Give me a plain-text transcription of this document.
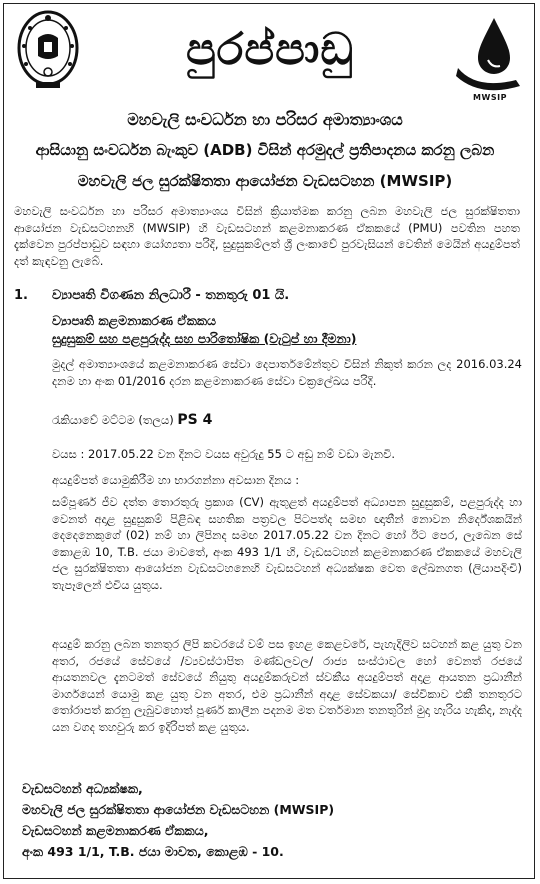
පුරප්පාඩු
MWSIP
මහවැලි සංවර්ධන හා පරිසර අමාත්‍යාංශය
ආසියානු සංවර්ධන බැංකුව (ADB) විසින් අරමුදල් ප්‍රතිපාදනය කරනු ලබන
මහවැලි ජල සුරක්ෂිතතා ආයෝජන වැඩසටහන (MWSIP)
මහවැලි සංවර්ධන හා පරිසර අමාත්‍යාංශය විසින් ක්‍රියාත්මක කරනු ලබන මහවැලි ජල සුරක්ෂිතතා ආයෝජන වැඩසටහනහි (MWSIP) හි වැඩසටහන් කළමනාකරණ ඒකකයේ (PMU) පවතින පහත දැක්වෙන පුරප්පාඩුව සඳහා යෝග්‍යතා පරිදි, සුදුසුකම්ලත් ශ්‍රී ලංකාවේ පුරවැසියන් වෙතින් මෙයින් අයදුම්පත් දත් කැඳවනු ලැබේ.
1. ව්‍යාපෘති විගණන නිලධාරී - තනතුරු 01 යි.
ව්‍යාපෘති කළමනාකරණ ඒකකය
සුදුසුකම් සහ පළපුරුද්ද සහ පාරිතෝෂික (වැටුප් හා දීමනා)
මුදල් අමාත්‍යාංශයේ කළමනාකරණ සේවා දෙපාර්තමේන්තුව විසින් නිකුත් කරන ලද 2016.03.24 දනම හා අංක 01/2016 දරන කළමනාකරණ සේවා චක්‍රලේඛය පරිදි.
රැකියාවේ මට්ටම (තලය) PS 4
වයස : 2017.05.22 වන දිනට වයස අවුරුදු 55 ට අඩු නම් වඩා මැනවි.
අයදුම්පත් යොමුකිරීම හා භාරගන්නා අවසාන දිනය :
සම්පූර්ණ ජීව දත්ත තොරතුරු ප්‍රකාශ (CV) ඇතුළත් අයදුම්පත් අධ්‍යාපන සුදුසුකම්, පළපුරුද්ද හා වෙනත් අදාළ සුදුසුකම් පිළිබඳ සහතික පත්‍රවල පිටපත්ද සමඟ ඥාතීන් නොවන නිර්දේශකයින් දෙදෙනෙකුගේ (02) නම් හා ලිපිනද සමඟ 2017.05.22 වන දිනට හෝ ඊට පෙර, ලැබෙන සේ කොළඹ 10, T.B. ජයා මාවතේ, අංක 493 1/1 හි, වැඩසටහන් කළමනාකරණ ඒකකයේ මහවැලි ජල සුරක්ෂිතතා ආයෝජන වැඩසටහනෙහි වැඩසටහන් අධ්‍යක්ෂක වෙත ලේඛනගත (ලියාපදිංචි) තැපෑලෙන් එවිය යුතුය.
අයදුම් කරනු ලබන තනතුර ලිපි කවරයේ වම් පස ඉහළ කෙළවරේ, පැහැදිලිව සටහන් කළ යුතු වන අතර, රජයේ සේවයේ /ව්‍යවස්ථාපිත මණ්ඩලවල/ රාජ්‍ය සංස්ථාවල හෝ වෙනත් රජයේ ආයතනවල දැනටමත් සේවයේ නියුතු අයදුම්කරුවන් ස්වකීය අයදුම්පත් අදාළ ආයතන ප්‍රධානීන් මාර්ගයෙන් යොමු කළ යුතු වන අතර, එම ප්‍රධානීන් අදාළ සේවකයා/ සේවිකාව එකී තනතුරට තෝරාපත් කරනු ලැබුවහොත් පූර්ණ කාලීන පදනම මත වර්තමාන තනතුරින් මුදා හැරිය හැකිද, නැද්ද යන වගද තහවුරු කර ඉදිරිපත් කළ යුතුය.
වැඩසටහන් අධ්‍යක්ෂක,
මහවැලි ජල සුරක්ෂිතතා ආයෝජන වැඩසටහන (MWSIP)
වැඩසටහන් කළමනාකරණ ඒකකය,
අංක 493 1/1, T.B. ජයා මාවත, කොළඹ - 10.
